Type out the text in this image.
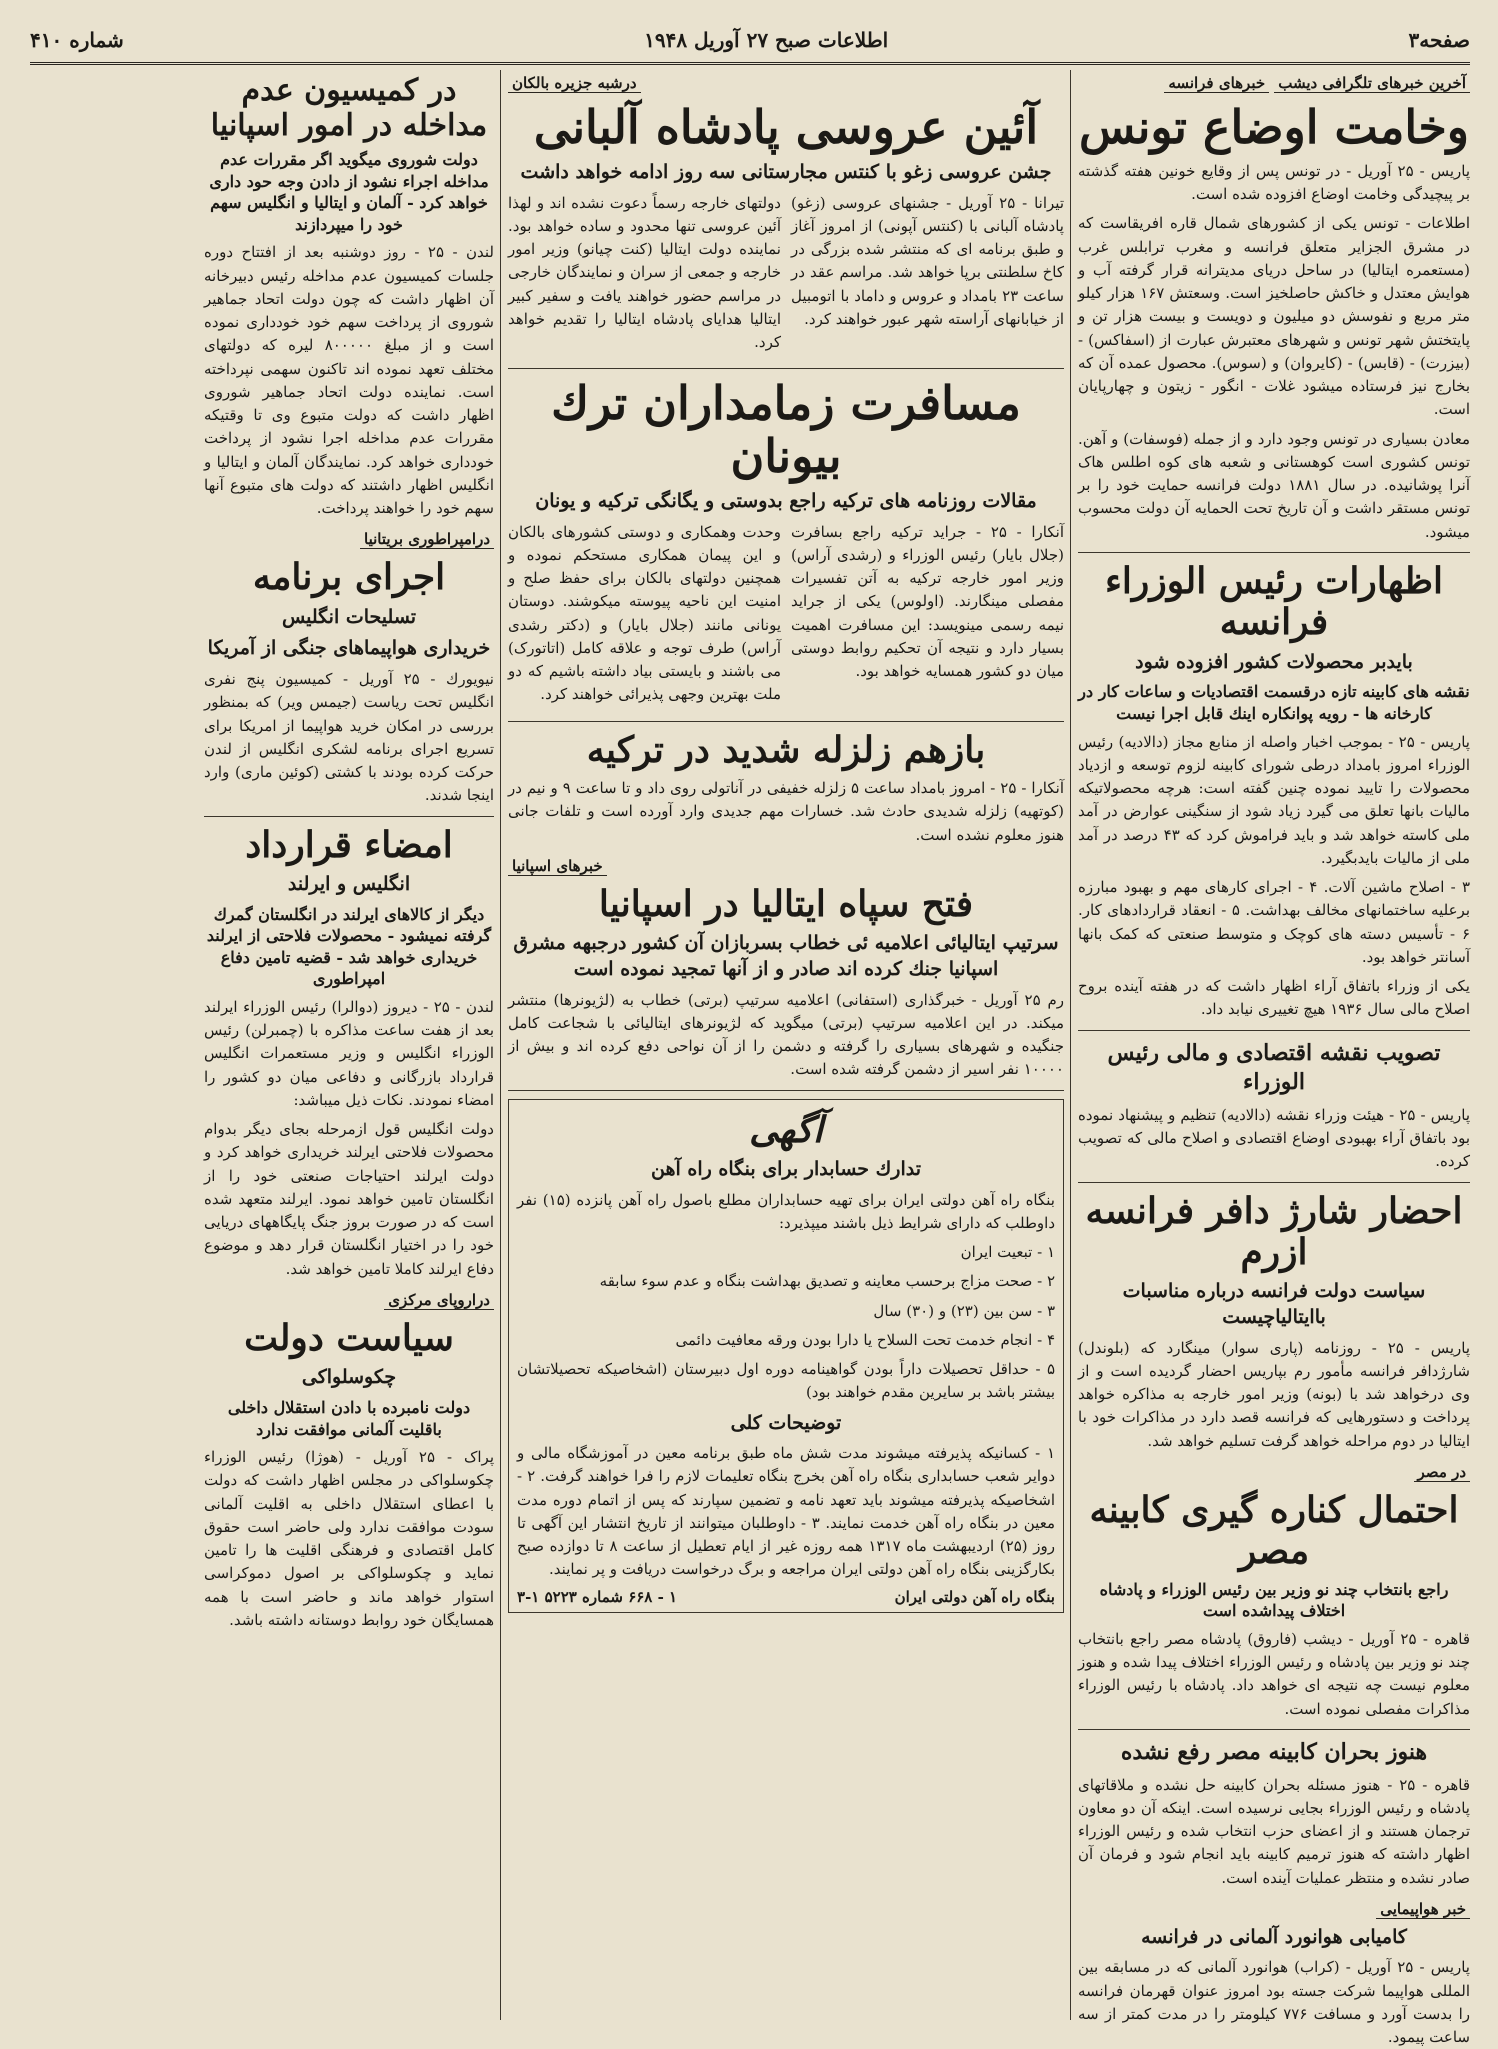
صفحه۳
اطلاعات صبح ۲۷ آوریل ۱۹۴۸
شماره ۴۱۰
آخرین خبرهای تلگرافی دیشب خبرهای فرانسه
وخامت اوضاع تونس

پاریس - ۲۵ آوریل - در تونس پس از وقایع خونین هفته گذشته بر پیچیدگی وخامت اوضاع افزوده شده است.

اطلاعات - تونس یکی از کشورهای شمال قاره افریقاست که در مشرق الجزایر متعلق فرانسه و مغرب ترابلس غرب (مستعمره ایتالیا) در ساحل دریای مدیترانه قرار گرفته آب و هوایش معتدل و خاکش حاصلخیز است. وسعتش ۱۶۷ هزار کیلو متر مربع و نفوسش دو میلیون و دویست و بیست هزار تن و پایتختش شهر تونس و شهرهای معتبرش عبارت از (اسفاکس) - (بیزرت) - (قابس) - (کایروان) و (سوس). محصول عمده آن که بخارج نیز فرستاده میشود غلات - انگور - زیتون و چهارپایان است.

معادن بسیاری در تونس وجود دارد و از جمله (فوسفات) و آهن. تونس کشوری است کوهستانی و شعبه های کوه اطلس هاک آنرا پوشانیده. در سال ۱۸۸۱ دولت فرانسه حمایت خود را بر تونس مستقر داشت و آن تاریخ تحت الحمایه آن دولت محسوب میشود.

اظهارات رئیس الوزراء فرانسه
بایدبر محصولات کشور افزوده شود
نقشه های کابینه تازه درقسمت اقتصادیات و ساعات کار در کارخانه ها - رویه پوانکاره اینك قابل اجرا نیست

پاریس - ۲۵ - بموجب اخبار واصله از منابع مجاز (دالادیه) رئیس الوزراء امروز بامداد درطی شورای کابینه لزوم توسعه و ازدیاد محصولات را تایید نموده چنین گفته است: هرچه محصولاتیکه مالیات بانها تعلق می گیرد زیاد شود از سنگینی عوارض در آمد ملی کاسته خواهد شد و باید فراموش کرد که ۴۳ درصد در آمد ملی از مالیات بایدبگیرد.

۳ - اصلاح ماشین آلات. ۴ - اجرای کارهای مهم و بهبود مبارزه برعلیه ساختمانهای مخالف بهداشت. ۵ - انعقاد قراردادهای کار. ۶ - تأسیس دسته های کوچک و متوسط صنعتی که کمک بانها آسانتر خواهد بود.

یکی از وزراء باتفاق آراء اظهار داشت که در هفته آینده بروح اصلاح مالی سال ۱۹۳۶ هیچ تغییری نیابد داد.

تصویب نقشه اقتصادی و مالی رئیس الوزراء

پاریس - ۲۵ - هیئت وزراء نقشه (دالادیه) تنظیم و پیشنهاد نموده بود باتفاق آراء بهبودی اوضاع اقتصادی و اصلاح مالی که تصویب کرده.

احضار شارژ دافر فرانسه ازرم
سیاست دولت فرانسه درباره مناسبات باایتالیاچیست

پاریس - ۲۵ - روزنامه (پاری سوار) مینگارد که (بلوندل) شارژدافر فرانسه مأمور رم بپاریس احضار گردیده است و از وی درخواهد شد با (بونه) وزیر امور خارجه به مذاکره خواهد پرداخت و دستورهایی که فرانسه قصد دارد در مذاکرات خود با ایتالیا در دوم مراحله خواهد گرفت تسلیم خواهد شد.

در مصر
احتمال کناره گیری کابینه مصر
راجع بانتخاب چند نو وزیر بین رئیس الوزراء و پادشاه اختلاف پیداشده است

قاهره - ۲۵ آوریل - دیشب (فاروق) پادشاه مصر راجع بانتخاب چند نو وزیر بین پادشاه و رئیس الوزراء اختلاف پیدا شده و هنوز معلوم نیست چه نتیجه ای خواهد داد. پادشاه با رئیس الوزراء مذاکرات مفصلی نموده است.

هنوز بحران کابینه مصر رفع نشده

قاهره - ۲۵ - هنوز مسئله بحران کابینه حل نشده و ملاقاتهای پادشاه و رئیس الوزراء بجایی نرسیده است. اینکه آن دو معاون ترجمان هستند و از اعضای حزب انتخاب شده و رئیس الوزراء اظهار داشته که هنوز ترمیم کابینه باید انجام شود و فرمان آن صادر نشده و منتظر عملیات آینده است.

خبر هواپیمایی
کامیابی هوانورد آلمانی در فرانسه

پاریس - ۲۵ آوریل - (کراب) هوانورد آلمانی که در مسابقه بین المللی هواپیما شرکت جسته بود امروز عنوان قهرمان فرانسه را بدست آورد و مسافت ۷۷۶ کیلومتر را در مدت کمتر از سه ساعت پیمود.

درشبه جزیره بالکان
آئین عروسی پادشاه آلبانی
جشن عروسی زغو با کنتس مجارستانی سه روز ادامه خواهد داشت

تیرانا - ۲۵ آوریل - جشنهای عروسی (زغو) پادشاه آلبانی با (کنتس آپونی) از امروز آغاز و طبق برنامه ای که منتشر شده بزرگی در کاخ سلطنتی برپا خواهد شد. مراسم عقد در ساعت ۲۳ بامداد و عروس و داماد با اتومبیل از خیابانهای آراسته شهر عبور خواهند کرد.

دولتهای خارجه رسماً دعوت نشده اند و لهذا آئین عروسی تنها محدود و ساده خواهد بود. نماینده دولت ایتالیا (کنت چیانو) وزیر امور خارجه و جمعی از سران و نمایندگان خارجی در مراسم حضور خواهند یافت و سفیر کبیر ایتالیا هدایای پادشاه ایتالیا را تقدیم خواهد کرد.

مسافرت زمامداران ترك بیونان
مقالات روزنامه های ترکیه راجع بدوستی و یگانگی ترکیه و یونان

آنکارا - ۲۵ - جراید ترکیه راجع بسافرت (جلال بایار) رئیس الوزراء و (رشدی آراس) وزیر امور خارجه ترکیه به آتن تفسیرات مفصلی مینگارند. (اولوس) یکی از جراید نیمه رسمی مینویسد: این مسافرت اهمیت بسیار دارد و نتیجه آن تحکیم روابط دوستی میان دو کشور همسایه خواهد بود.

وحدت وهمکاری و دوستی کشورهای بالکان و این پیمان همکاری مستحکم نموده و همچنین دولتهای بالکان برای حفظ صلح و امنیت این ناحیه پیوسته میکوشند. دوستان یونانی مانند (جلال بایار) و (دکتر رشدی آراس) طرف توجه و علاقه کامل (اتاتورک) می باشند و بایستی بیاد داشته باشیم که دو ملت بهترین وجهی پذیرائی خواهند کرد.

بازهم زلزله شدید در ترکیه

آنکارا - ۲۵ - امروز بامداد ساعت ۵ زلزله خفیفی در آناتولی روی داد و تا ساعت ۹ و نیم در (کوتهیه) زلزله شدیدی حادث شد. خسارات مهم جدیدی وارد آورده است و تلفات جانی هنوز معلوم نشده است.

خبرهای اسپانیا
فتح سپاه ایتالیا در اسپانیا
سرتیپ ایتالیائی اعلامیه ئی خطاب بسربازان آن کشور درجبهه مشرق اسپانیا جنك کرده اند صادر و از آنها تمجید نموده است

رم ۲۵ آوریل - خبرگذاری (استفانی) اعلامیه سرتیپ (برتی) خطاب به (لژیونرها) منتشر میکند. در این اعلامیه سرتیپ (برتی) میگوید که لژیونرهای ایتالیائی با شجاعت کامل جنگیده و شهرهای بسیاری را گرفته و دشمن را از آن نواحی دفع کرده اند و بیش از ۱۰۰۰۰ نفر اسیر از دشمن گرفته شده است.

آگهی
تدارك حسابدار برای بنگاه راه آهن

بنگاه راه آهن دولتی ایران برای تهیه حسابداران مطلع باصول راه آهن پانزده (۱۵) نفر داوطلب که دارای شرایط ذیل باشند میپذیرد:

۱ - تبعیت ایران
۲ - صحت مزاج برحسب معاینه و تصدیق بهداشت بنگاه و عدم سوء سابقه
۳ - سن بین (۲۳) و (۳۰) سال
۴ - انجام خدمت تحت السلاح یا دارا بودن ورقه معافیت دائمی
۵ - حداقل تحصیلات داراً بودن گواهینامه دوره اول دبیرستان (اشخاصیکه تحصیلاتشان بیشتر باشد بر سایرین مقدم خواهند بود)
توضیحات کلی

۱ - کسانیکه پذیرفته میشوند مدت شش ماه طبق برنامه معین در آموزشگاه مالی و دوایر شعب حسابداری بنگاه راه آهن بخرج بنگاه تعلیمات لازم را فرا خواهند گرفت. ۲ - اشخاصیکه پذیرفته میشوند باید تعهد نامه و تضمین سپارند که پس از اتمام دوره مدت معین در بنگاه راه آهن خدمت نمایند. ۳ - داوطلبان میتوانند از تاریخ انتشار این آگهی تا روز (۲۵) اردیبهشت ماه ۱۳۱۷ همه روزه غیر از ایام تعطیل از ساعت ۸ تا دوازده صبح بکارگزینی بنگاه راه آهن دولتی ایران مراجعه و برگ درخواست دریافت و پر نمایند.

بنگاه راه آهن دولتی ایران
۱ - ۶۶۸ شماره ۵۲۲۳ ۱-۳
در کمیسیون عدم مداخله در امور اسپانیا
دولت شوروی میگوید اگر مقررات عدم مداخله اجراء نشود از دادن وجه حود داری خواهد کرد - آلمان و ایتالیا و انگلیس سهم خود را میپردازند

لندن - ۲۵ - روز دوشنبه بعد از افتتاح دوره جلسات کمیسیون عدم مداخله رئیس دبیرخانه آن اظهار داشت که چون دولت اتحاد جماهیر شوروی از پرداخت سهم خود خودداری نموده است و از مبلغ ۸۰۰۰۰۰ لیره که دولتهای مختلف تعهد نموده اند تاکنون سهمی نپرداخته است. نماینده دولت اتحاد جماهیر شوروی اظهار داشت که دولت متبوع وی تا وقتیکه مقررات عدم مداخله اجرا نشود از پرداخت خودداری خواهد کرد. نمایندگان آلمان و ایتالیا و انگلیس اظهار داشتند که دولت های متبوع آنها سهم خود را خواهند پرداخت.

درامپراطوری بریتانیا
اجرای برنامه
تسلیحات انگلیس
خریداری هواپیماهای جنگی از آمریکا

نیویورك - ۲۵ آوریل - کمیسیون پنج نفری انگلیس تحت ریاست (جیمس ویر) که بمنظور بررسی در امکان خرید هواپیما از امریکا برای تسریع اجرای برنامه لشکری انگلیس از لندن حرکت کرده بودند با کشتی (کوئین ماری) وارد اینجا شدند.

امضاء قرارداد
انگلیس و ایرلند
دیگر از کالاهای ایرلند در انگلستان گمرك گرفته نمیشود - محصولات فلاحتی از ایرلند خریداری خواهد شد - قضیه تامین دفاع امپراطوری

لندن - ۲۵ - دیروز (دوالرا) رئیس الوزراء ایرلند بعد از هفت ساعت مذاکره با (چمبرلن) رئیس الوزراء انگلیس و وزیر مستعمرات انگلیس قرارداد بازرگانی و دفاعی میان دو کشور را امضاء نمودند. نکات ذیل میباشد:

دولت انگلیس قول ازمرحله بجای دیگر بدوام محصولات فلاحتی ایرلند خریداری خواهد کرد و دولت ایرلند احتیاجات صنعتی خود را از انگلستان تامین خواهد نمود. ایرلند متعهد شده است که در صورت بروز جنگ پایگاههای دریایی خود را در اختیار انگلستان قرار دهد و موضوع دفاع ایرلند کاملا تامین خواهد شد.

دراروپای مرکزی
سیاست دولت
چکوسلواکی
دولت نامبرده با دادن استقلال داخلی باقلیت آلمانی موافقت ندارد

پراک - ۲۵ آوریل - (هوژا) رئیس الوزراء چکوسلواکی در مجلس اظهار داشت که دولت با اعطای استقلال داخلی به اقلیت آلمانی سودت موافقت ندارد ولی حاضر است حقوق کامل اقتصادی و فرهنگی اقلیت ها را تامین نماید و چکوسلواکی بر اصول دموکراسی استوار خواهد ماند و حاضر است با همه همسایگان خود روابط دوستانه داشته باشد.
